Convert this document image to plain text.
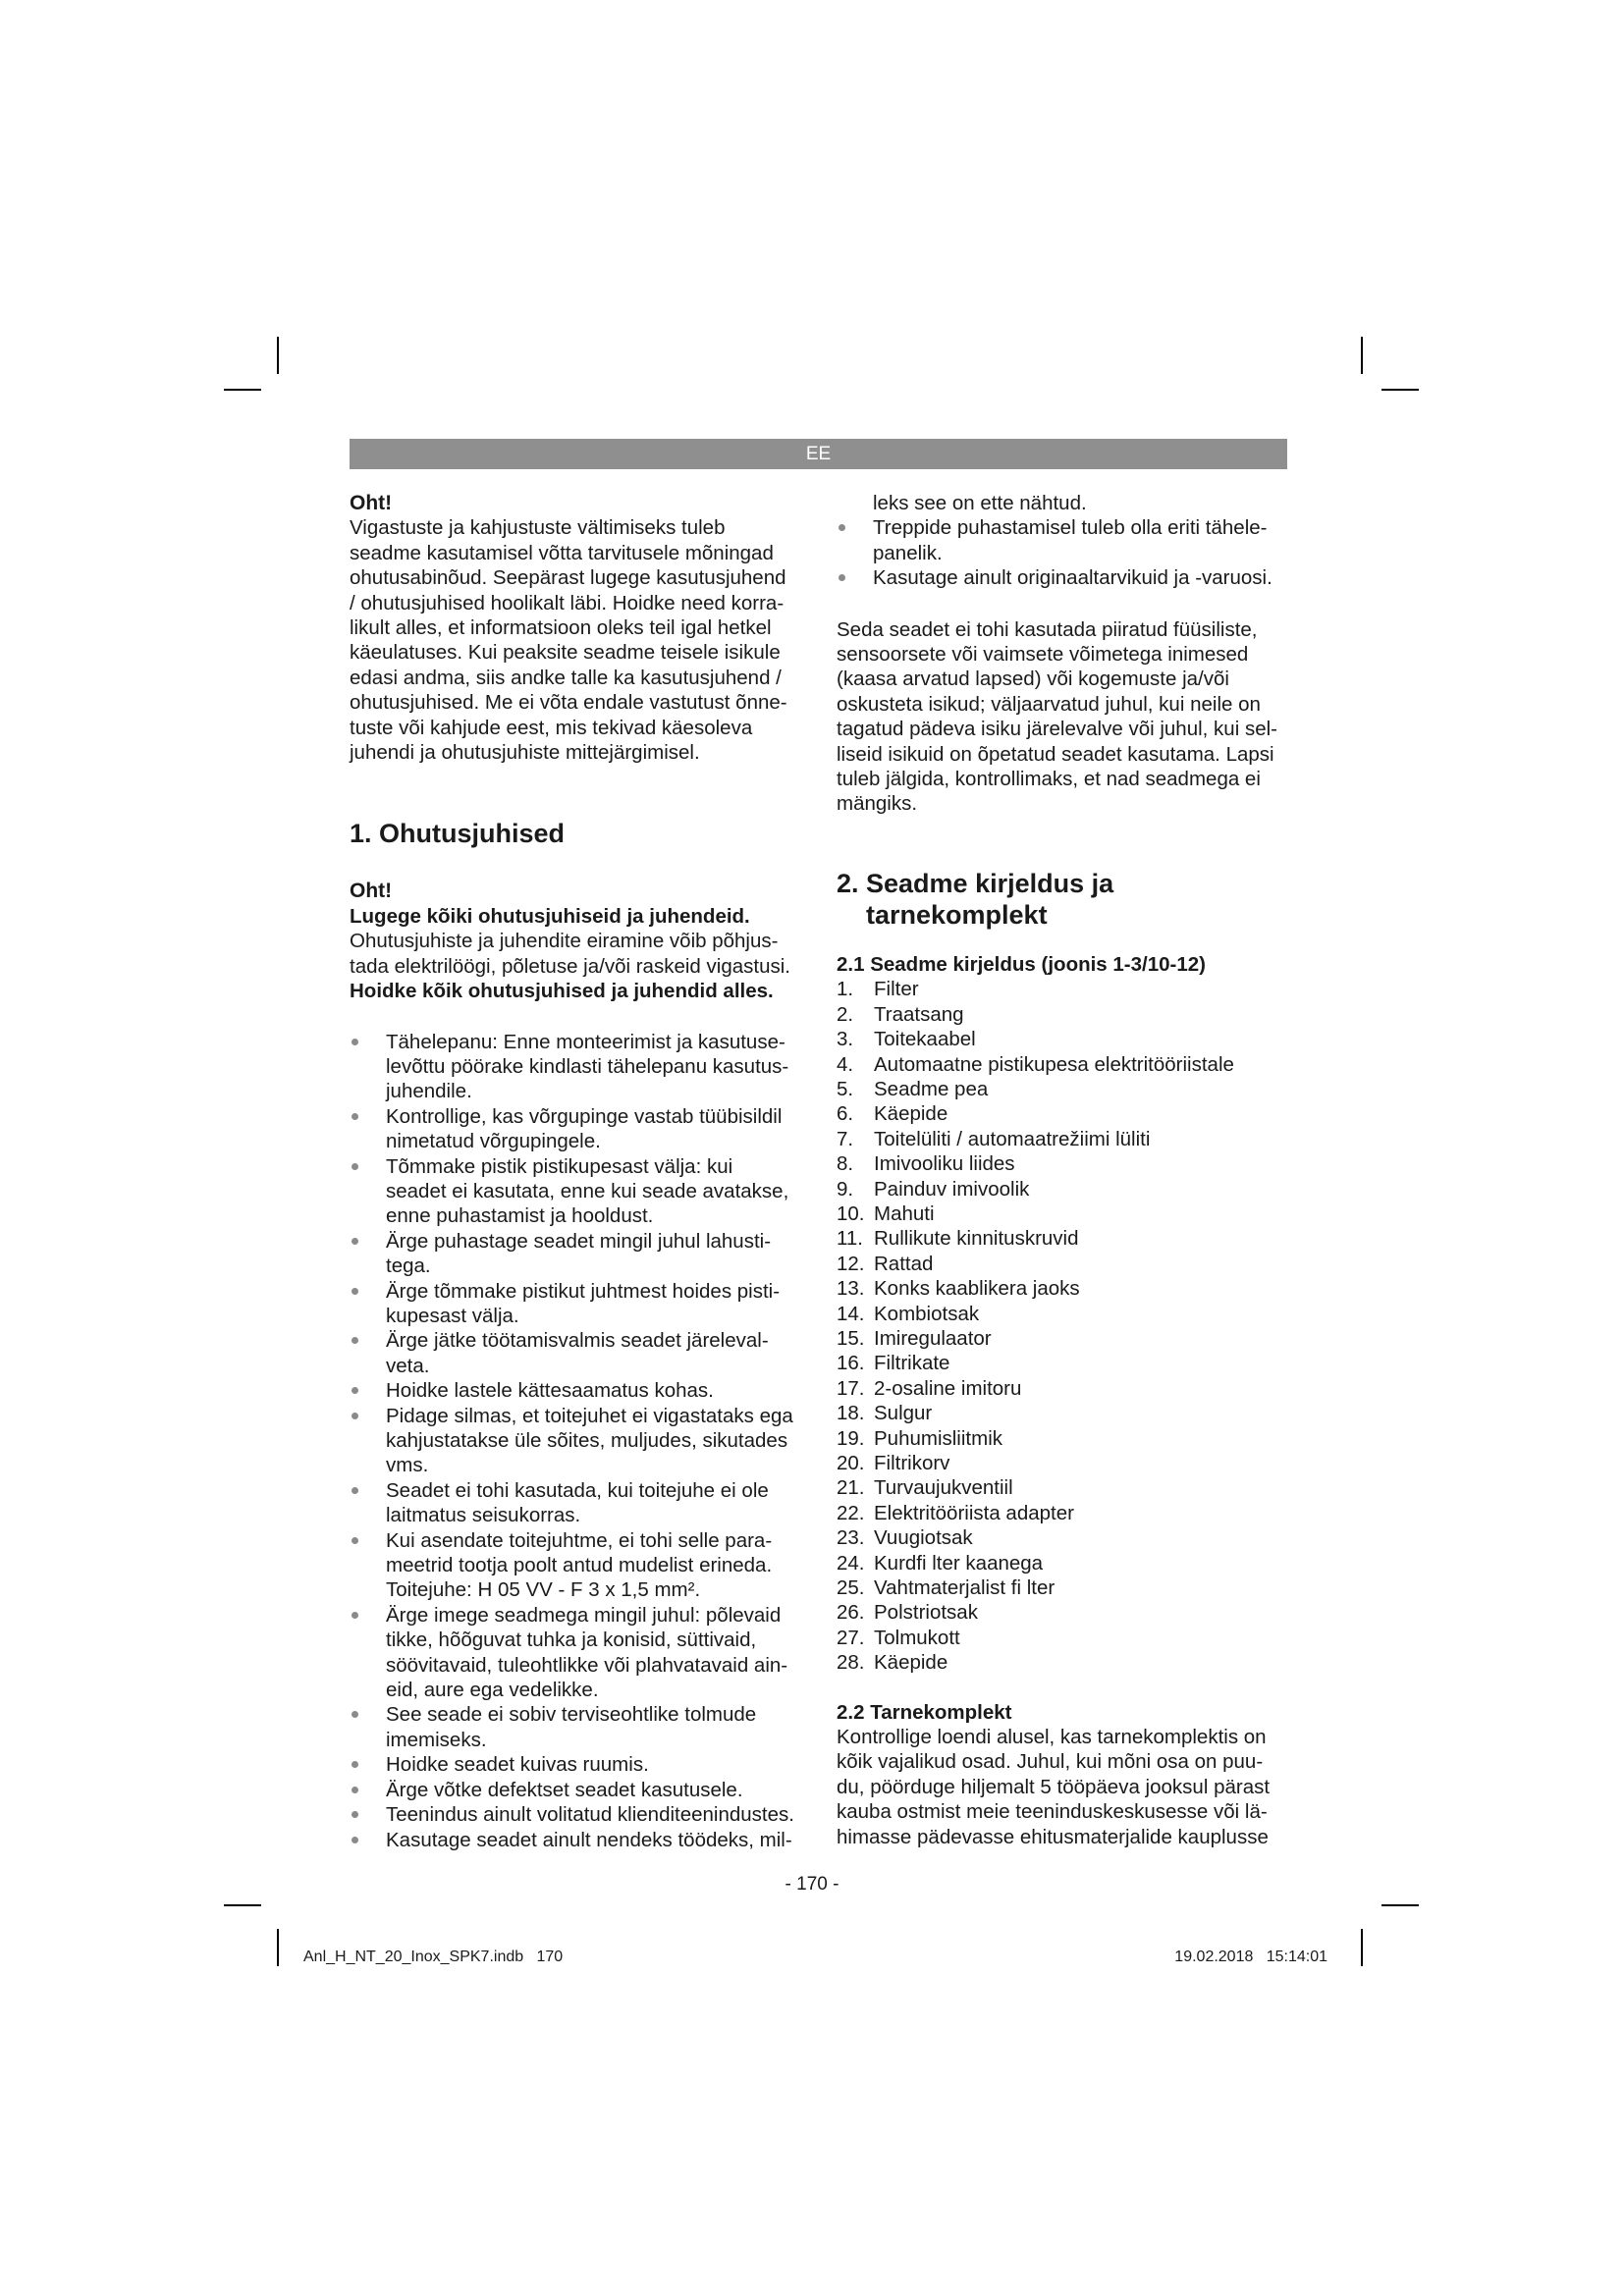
EE

Oht!

Vigastuste ja kahjustuste vältimiseks tuleb

seadme kasutamisel võtta tarvitusele mõningad

ohutusabinõud. Seepärast lugege kasutusjuhend

/ ohutusjuhised hoolikalt läbi. Hoidke need korra-

likult alles, et informatsioon oleks teil igal hetkel

käeulatuses. Kui peaksite seadme teisele isikule

edasi andma, siis andke talle ka kasutusjuhend /

ohutusjuhised. Me ei võta endale vastutust õnne-

tuste või kahjude eest, mis tekivad käesoleva

juhendi ja ohutusjuhiste mittejärgimisel.

1. Ohutusjuhised

Oht!

Lugege kõiki ohutusjuhiseid ja juhendeid.

Ohutusjuhiste ja juhendite eiramine võib põhjus-

tada elektrilöögi, põletuse ja/või raskeid vigastusi.

Hoidke kõik ohutusjuhised ja juhendid alles.

Tähelepanu: Enne monteerimist ja kasutuse-
levõttu pöörake kindlasti tähelepanu kasutus-
juhendile.
Kontrollige, kas võrgupinge vastab tüübisildil
nimetatud võrgupingele.
Tõmmake pistik pistikupesast välja: kui
seadet ei kasutata, enne kui seade avatakse,
enne puhastamist ja hooldust.
Ärge puhastage seadet mingil juhul lahusti-
tega.
Ärge tõmmake pistikut juhtmest hoides pisti-
kupesast välja.
Ärge jätke töötamisvalmis seadet järeleval-
veta.
Hoidke lastele kättesaamatus kohas.
Pidage silmas, et toitejuhet ei vigastataks ega
kahjustatakse üle sõites, muljudes, sikutades
vms.
Seadet ei tohi kasutada, kui toitejuhe ei ole
laitmatus seisukorras.
Kui asendate toitejuhtme, ei tohi selle para-
meetrid tootja poolt antud mudelist erineda.
Toitejuhe: H 05 VV - F 3 x 1,5 mm².
Ärge imege seadmega mingil juhul: põlevaid
tikke, hõõguvat tuhka ja konisid, süttivaid,
söövitavaid, tuleohtlikke või plahvatavaid ain-
eid, aure ega vedelikke.
See seade ei sobiv terviseohtlike tolmude
imemiseks.
Hoidke seadet kuivas ruumis.
Ärge võtke defektset seadet kasutusele.
Teenindus ainult volitatud klienditeenindustes.
Kasutage seadet ainult nendeks töödeks, mil-
leks see on ette nähtud.
Treppide puhastamisel tuleb olla eriti tähele-
panelik.
Kasutage ainult originaaltarvikuid ja -varuosi.

Seda seadet ei tohi kasutada piiratud füüsiliste,

sensoorsete või vaimsete võimetega inimesed

(kaasa arvatud lapsed) või kogemuste ja/või

oskusteta isikud; väljaarvatud juhul, kui neile on

tagatud pädeva isiku järelevalve või juhul, kui sel-

liseid isikuid on õpetatud seadet kasutama. Lapsi

tuleb jälgida, kontrollimaks, et nad seadmega ei

mängiks.

2. Seadme kirjeldus ja
tarnekomplekt

2.1 Seadme kirjeldus (joonis 1-3/10-12)

1.	Filter
2.	Traatsang
3.	Toitekaabel
4.	Automaatne pistikupesa elektritööriistale
5.	Seadme pea
6.	Käepide
7.	Toitelüliti / automaatrežiimi lüliti
8.	Imivooliku liides
9.	Painduv imivoolik
10. Mahuti
11. Rullikute kinnituskruvid
12. Rattad
13. Konks kaablikera jaoks
14. Kombiotsak
15. Imiregulaator
16. Filtrikate
17. 2-osaline imitoru
18. Sulgur
19. Puhumisliitmik
20. Filtrikorv
21. Turvaujukventiil
22. Elektritööriista adapter
23. Vuugiotsak
24. Kurdfi lter kaanega
25. Vahtmaterjalist fi lter
26. Polstriotsak
27. Tolmukott
28. Käepide

2.2 Tarnekomplekt

Kontrollige loendi alusel, kas tarnekomplektis on

kõik vajalikud osad. Juhul, kui mõni osa on puu-

du, pöörduge hiljemalt 5 tööpäeva jooksul pärast

kauba ostmist meie teeninduskeskusesse või lä-

himasse pädevasse ehitusmaterjalide kauplusse

- 170 -
Anl_H_NT_20_Inox_SPK7.indb   170	19.02.2018   15:14:01
